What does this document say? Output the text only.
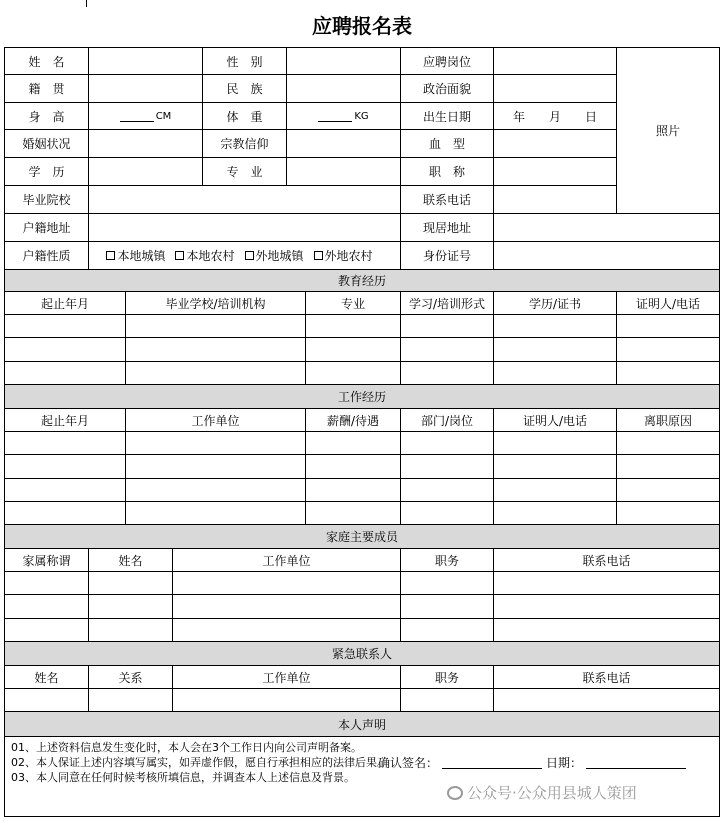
应聘报名表
姓名	性别	应聘岗位
照片
籍贯	民族	政治面貌
身高	CM	体重	KG	出生日期	年 月 日
婚姻状况	宗教信仰	血型
学历	专业	职称
毕业院校	联系电话
户籍地址	现居地址
户籍性质	本地城镇 本地农村 外地城镇 外地农村	身份证号
教育经历
起止年月	毕业学校/培训机构	专业	学习/培训形式	学历/证书	证明人/电话
工作经历
起止年月	工作单位	薪酬/待遇	部门/岗位	证明人/电话	离职原因
家庭主要成员
家属称谓	姓名	工作单位	职务	联系电话
紧急联系人
姓名	关系	工作单位	职务	联系电话
本人声明

01、上述资料信息发生变化时，本人会在3个工作日内向公司声明备案。

02、本人保证上述内容填写属实，如弄虚作假，愿自行承担相应的法律后果。

03、本人同意在任何时候考核所填信息，并调查本人上述信息及背景。

确认签名：	日期：
公众号·公众用县城人策团
